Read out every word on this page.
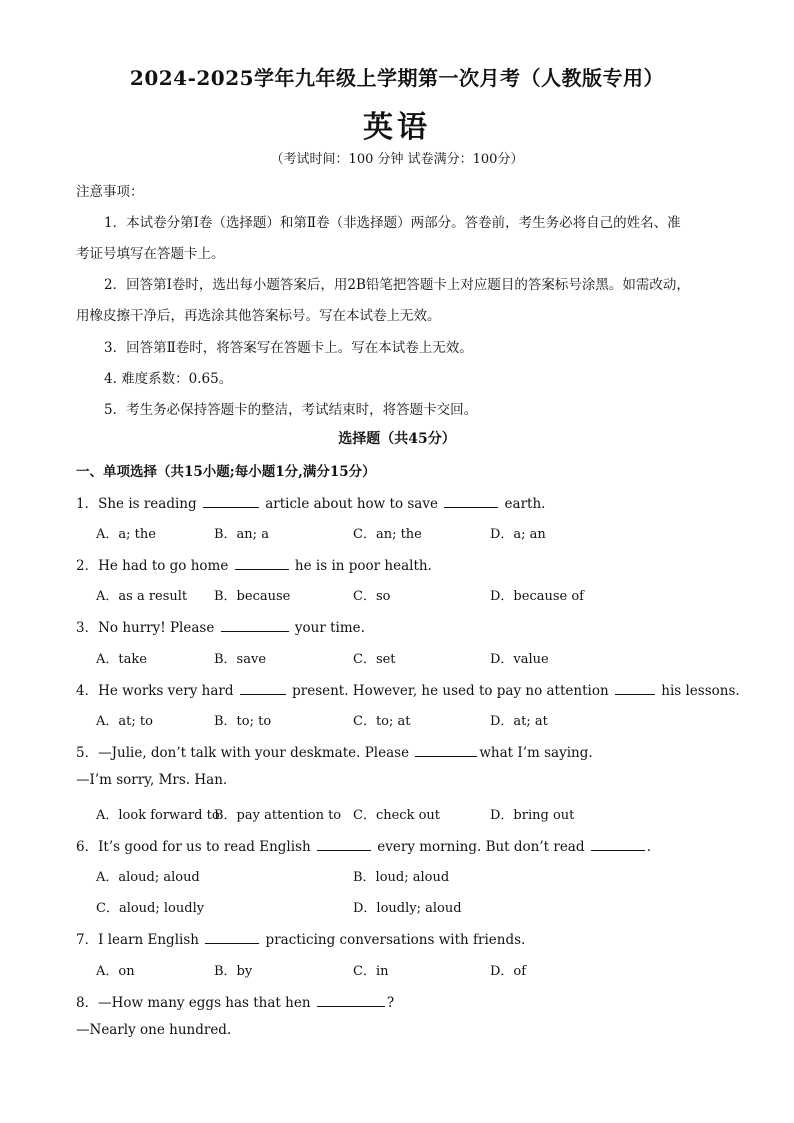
2024-2025学年九年级上学期第一次月考（人教版专用）
英语
（考试时间：100 分钟 试卷满分：100分）
注意事项：
1．本试卷分第Ⅰ卷（选择题）和第Ⅱ卷（非选择题）两部分。答卷前，考生务必将自己的姓名、准
考证号填写在答题卡上。
2．回答第Ⅰ卷时，选出每小题答案后，用2B铅笔把答题卡上对应题目的答案标号涂黑。如需改动，
用橡皮擦干净后，再选涂其他答案标号。写在本试卷上无效。
3．回答第Ⅱ卷时，将答案写在答题卡上。写在本试卷上无效。
4. 难度系数：0.65。
5．考生务必保持答题卡的整洁，考试结束时，将答题卡交回。
选择题（共45分）
一、单项选择（共15小题;每小题1分,满分15分）
1．She is reading	article about how to save	earth.
A．a; the	B．an; a	C．an; the	D．a; an
2．He had to go home	he is in poor health.
A．as a result B．because	C．so	D．because of
3．No hurry! Please	your time.
A．take	B．save	C．set	D．value
4．He works very hard	present. However, he used to pay no attention	his lessons.
A．at; to	B．to; to	C．to; at	D．at; at
5．—Julie, don’t talk with your deskmate. Please	what I’m saying.
—I’m sorry, Mrs. Han.
A．look forward to
B．pay attention to C．check out	D．bring out
6．It’s good for us to read English	every morning. But don’t read	.
A．aloud; aloud	B．loud; aloud
C．aloud; loudly	D．loudly; aloud
7．I learn English	practicing conversations with friends.
A．on	B．by	C．in	D．of
8．—How many eggs has that hen	?
—Nearly one hundred.
